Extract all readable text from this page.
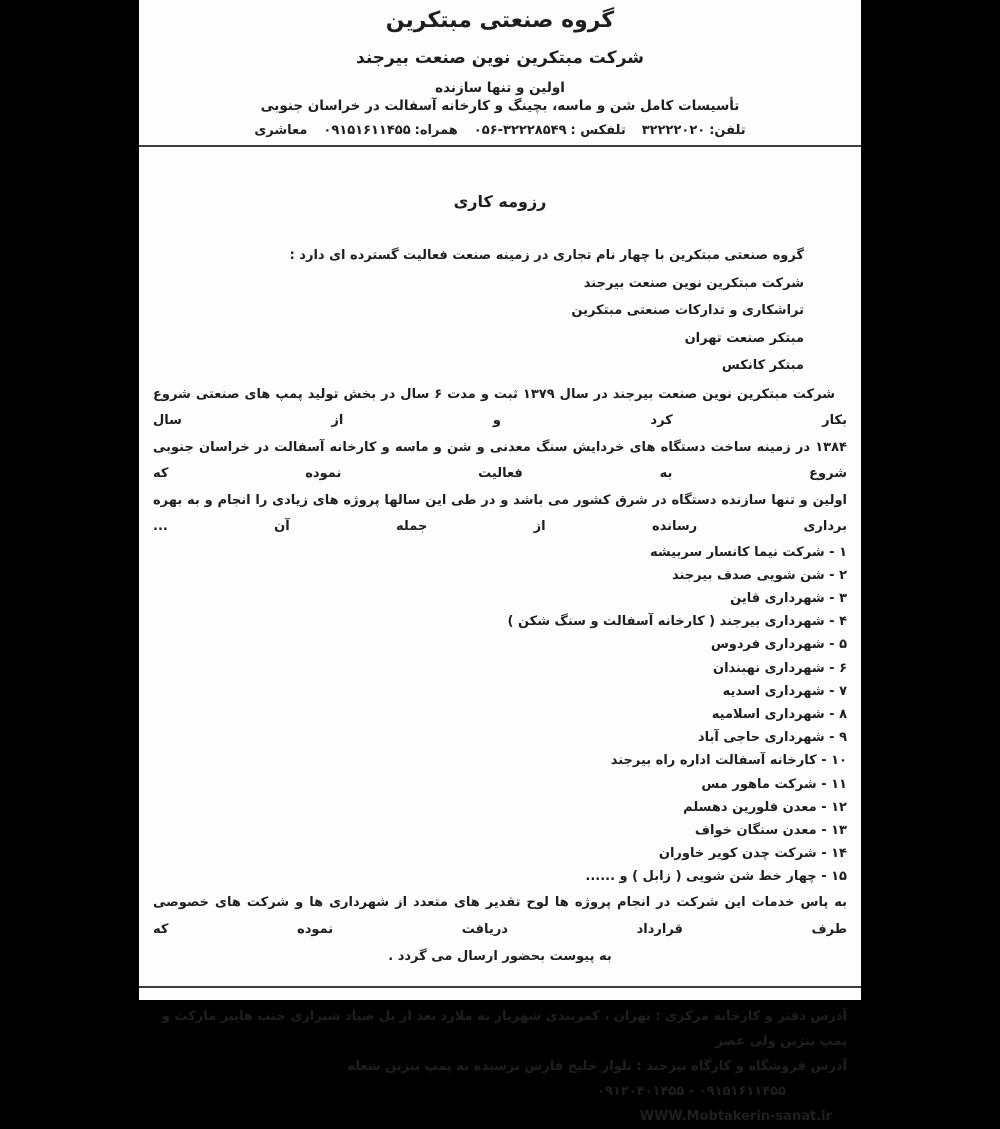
گروه صنعتی مبتکرین
شرکت مبتکرین نوین صنعت بیرجند
اولین و تنها سازنده
تأسیسات کامل شن و ماسه، بچینگ و کارخانه آسفالت در خراسان جنوبی
تلفن:۳۲۲۲۲۰۲۰
تلفکس :۳۲۲۲۸۵۴۹-۰۵۶
همراه:۰۹۱۵۱۶۱۱۴۵۵
معاشری
رزومه کاری
گروه صنعتی مبتکرین با چهار نام تجاری در زمینه صنعت فعالیت گسترده ای دارد :
شرکت مبتکرین نوین صنعت بیرجند
تراشکاری و تدارکات صنعتی مبتکرین
مبتکر صنعت تهران
مبتکر کانکس
شرکت مبتکرین نوین صنعت بیرجند در سال ۱۳۷۹ ثبت و مدت ۶ سال در بخش تولید پمپ های صنعتی شروع بکار کرد و از سال
۱۳۸۴ در زمینه ساخت دستگاه های خردایش سنگ معدنی و شن و ماسه و کارخانه آسفالت در خراسان جنوبی شروع به فعالیت نموده که
اولین و تنها سازنده دستگاه در شرق کشور می باشد و در طی این سالها پروژه های زیادی را انجام و به بهره برداری رسانده از جمله آن ...
۱ - شرکت نیما کانسار سربیشه
۲ - شن شویی صدف بیرجند
۳ - شهرداری قاین
۴ - شهرداری بیرجند ( کارخانه آسفالت و سنگ شکن )
۵ - شهرداری فردوس
۶ - شهرداری نهبندان
۷ - شهرداری اسدیه
۸ - شهرداری اسلامیه
۹ - شهرداری حاجی آباد
۱۰ - کارخانه آسفالت اداره راه بیرجند
۱۱ - شرکت ماهور مس
۱۲ - معدن فلورین دهسلم
۱۳ - معدن سنگان خواف
۱۴ - شرکت چدن کویر خاوران
۱۵ - چهار خط شن شویی ( زابل ) و ......
به پاس خدمات این شرکت در انجام پروژه ها لوح تقدیر های متعدد از شهرداری ها و شرکت های خصوصی طرف قرارداد دریافت نموده که
به پیوست بحضور ارسال می گردد .
آدرس دفتر و کارخانه مرکزی : تهران ، کمربندی شهریار به ملارد بعد از پل صیاد شیرازی جنب هایپر مارکت و پمپ بنزین ولی عصر
آدرس فروشگاه و کارگاه بیرجند : بلوار خلیج فارس نرسیده به پمپ بنزین شعله
۰۹۱۲۰۴۰۱۴۵۵ - ۰۹۱۵۱۶۱۱۴۵۵
WWW.Mobtakerin-sanat.ir
